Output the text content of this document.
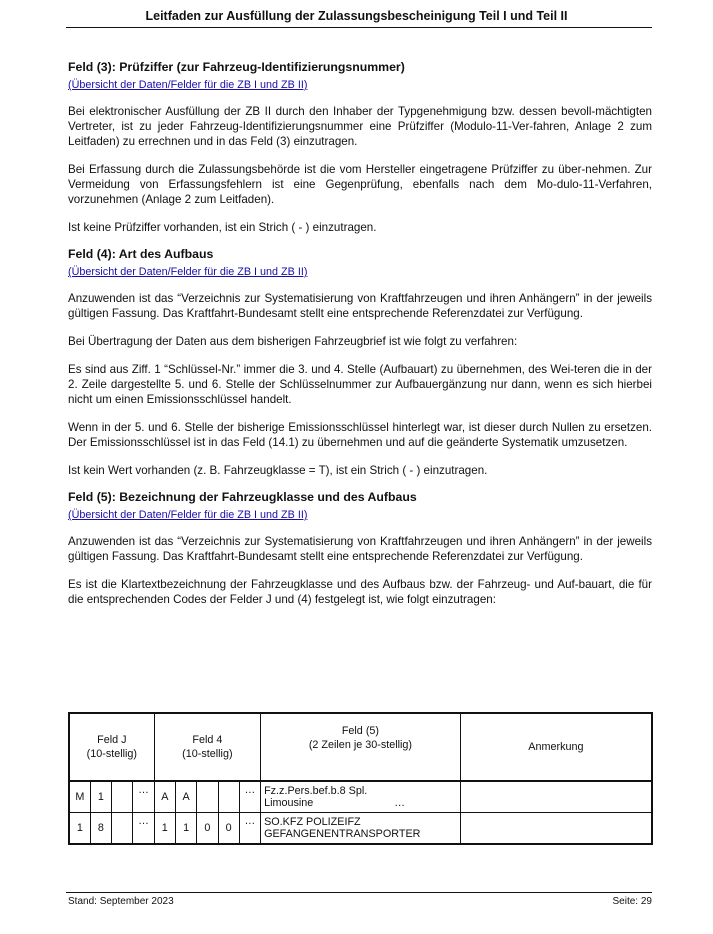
Leitfaden zur Ausfüllung der Zulassungsbescheinigung Teil I und Teil II
Feld (3): Prüfziffer (zur Fahrzeug-Identifizierungsnummer)
(Übersicht der Daten/Felder für die ZB I und ZB II)

Bei elektronischer Ausfüllung der ZB II durch den Inhaber der Typgenehmigung bzw. dessen bevoll-mächtigten Vertreter, ist zu jeder Fahrzeug-Identifizierungsnummer eine Prüfziffer (Modulo-11-Ver-fahren, Anlage 2 zum Leitfaden) zu errechnen und in das Feld (3) einzutragen.

Bei Erfassung durch die Zulassungsbehörde ist die vom Hersteller eingetragene Prüfziffer zu über-nehmen. Zur Vermeidung von Erfassungsfehlern ist eine Gegenprüfung, ebenfalls nach dem Mo-dulo-11-Verfahren, vorzunehmen (Anlage 2 zum Leitfaden).

Ist keine Prüfziffer vorhanden, ist ein Strich ( - ) einzutragen.

Feld (4): Art des Aufbaus
(Übersicht der Daten/Felder für die ZB I und ZB II)

Anzuwenden ist das “Verzeichnis zur Systematisierung von Kraftfahrzeugen und ihren Anhängern” in der jeweils gültigen Fassung. Das Kraftfahrt-Bundesamt stellt eine entsprechende Referenzdatei zur Verfügung.

Bei Übertragung der Daten aus dem bisherigen Fahrzeugbrief ist wie folgt zu verfahren:

Es sind aus Ziff. 1 “Schlüssel-Nr.” immer die 3. und 4. Stelle (Aufbauart) zu übernehmen, des Wei-teren die in der 2. Zeile dargestellte 5. und 6. Stelle der Schlüsselnummer zur Aufbauergänzung nur dann, wenn es sich hierbei nicht um einen Emissionsschlüssel handelt.

Wenn in der 5. und 6. Stelle der bisherige Emissionsschlüssel hinterlegt war, ist dieser durch Nullen zu ersetzen. Der Emissionsschlüssel ist in das Feld (14.1) zu übernehmen und auf die geänderte Systematik umzusetzen.

Ist kein Wert vorhanden (z. B. Fahrzeugklasse = T), ist ein Strich ( - ) einzutragen.

Feld (5): Bezeichnung der Fahrzeugklasse und des Aufbaus
(Übersicht der Daten/Felder für die ZB I und ZB II)

Anzuwenden ist das “Verzeichnis zur Systematisierung von Kraftfahrzeugen und ihren Anhängern” in der jeweils gültigen Fassung. Das Kraftfahrt-Bundesamt stellt eine entsprechende Referenzdatei zur Verfügung.

Es ist die Klartextbezeichnung der Fahrzeugklasse und des Aufbaus bzw. der Fahrzeug- und Auf-bauart, die für die entsprechenden Codes der Felder J und (4) festgelegt ist, wie folgt einzutragen:

Feld J
(10-stellig)				Feld 4
(10-stellig)					Feld (5)
(2 Zeilen je 30-stellig)	Anmerkung
M	1		…	A	A			…	Fz.z.Pers.bef.b.8 Spl.
Limousine …	
1	8		…	1	1	0	0	…	SO.KFZ POLIZEIFZ
GEFANGENENTRANSPORTER	
Stand: September 2023	Seite: 29
